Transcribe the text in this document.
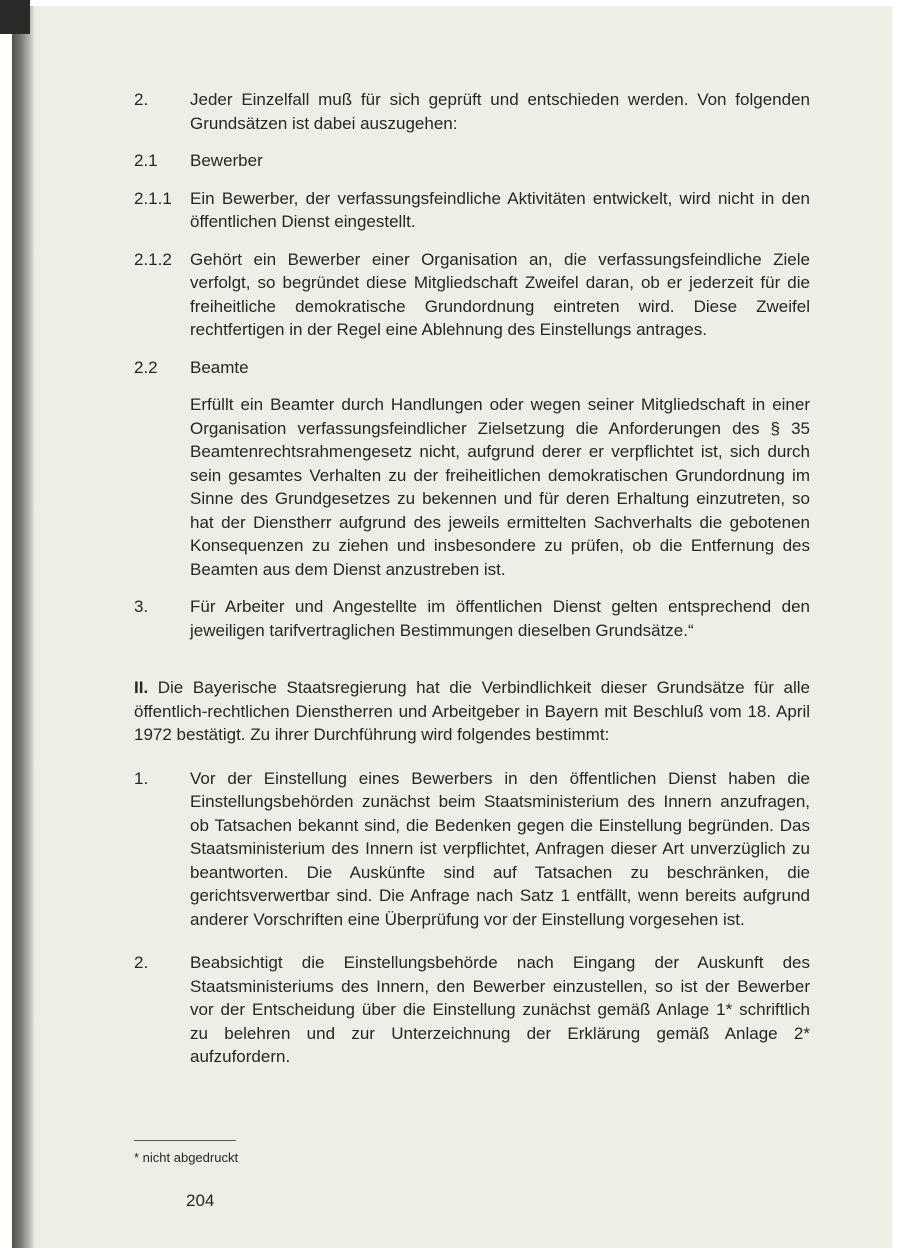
2.	Jeder Einzelfall muß für sich geprüft und entschieden werden. Von folgenden Grundsätzen ist dabei auszugehen:
2.1	Bewerber
2.1.1	Ein Bewerber, der verfassungsfeindliche Aktivitäten entwickelt, wird nicht in den öffentlichen Dienst eingestellt.
2.1.2	Gehört ein Bewerber einer Organisation an, die verfassungsfeindliche Ziele verfolgt, so begründet diese Mitgliedschaft Zweifel daran, ob er jederzeit für die freiheitliche demokratische Grundordnung eintreten wird. Diese Zweifel rechtfertigen in der Regel eine Ablehnung des Einstellungs antrages.
2.2	Beamte
Erfüllt ein Beamter durch Handlungen oder wegen seiner Mitgliedschaft in einer Organisation verfassungsfeindlicher Zielsetzung die Anforderungen des § 35 Beamtenrechtsrahmengesetz nicht, aufgrund derer er verpflichtet ist, sich durch sein gesamtes Verhalten zu der freiheitlichen demokratischen Grundordnung im Sinne des Grundgesetzes zu bekennen und für deren Erhaltung einzutreten, so hat der Dienstherr aufgrund des jeweils ermittelten Sachverhalts die gebotenen Konsequenzen zu ziehen und insbesondere zu prüfen, ob die Entfernung des Beamten aus dem Dienst anzustreben ist.
3.	Für Arbeiter und Angestellte im öffentlichen Dienst gelten entsprechend den jeweiligen tarifvertraglichen Bestimmungen dieselben Grundsätze.“
II. Die Bayerische Staatsregierung hat die Verbindlichkeit dieser Grundsätze für alle öffentlich-rechtlichen Dienstherren und Arbeitgeber in Bayern mit Beschluß vom 18. April 1972 bestätigt. Zu ihrer Durchführung wird folgendes bestimmt:
1.	Vor der Einstellung eines Bewerbers in den öffentlichen Dienst haben die Einstellungsbehörden zunächst beim Staatsministerium des Innern anzufragen, ob Tatsachen bekannt sind, die Bedenken gegen die Einstellung begründen. Das Staatsministerium des Innern ist verpflichtet, Anfragen dieser Art unverzüglich zu beantworten. Die Auskünfte sind auf Tatsachen zu beschränken, die gerichtsverwertbar sind. Die Anfrage nach Satz 1 entfällt, wenn bereits aufgrund anderer Vorschriften eine Überprüfung vor der Einstellung vorgesehen ist.
2.	Beabsichtigt die Einstellungsbehörde nach Eingang der Auskunft des Staatsministeriums des Innern, den Bewerber einzustellen, so ist der Bewerber vor der Entscheidung über die Einstellung zunächst gemäß Anlage 1* schriftlich zu belehren und zur Unterzeichnung der Erklärung gemäß Anlage 2* aufzufordern.
* nicht abgedruckt
204
